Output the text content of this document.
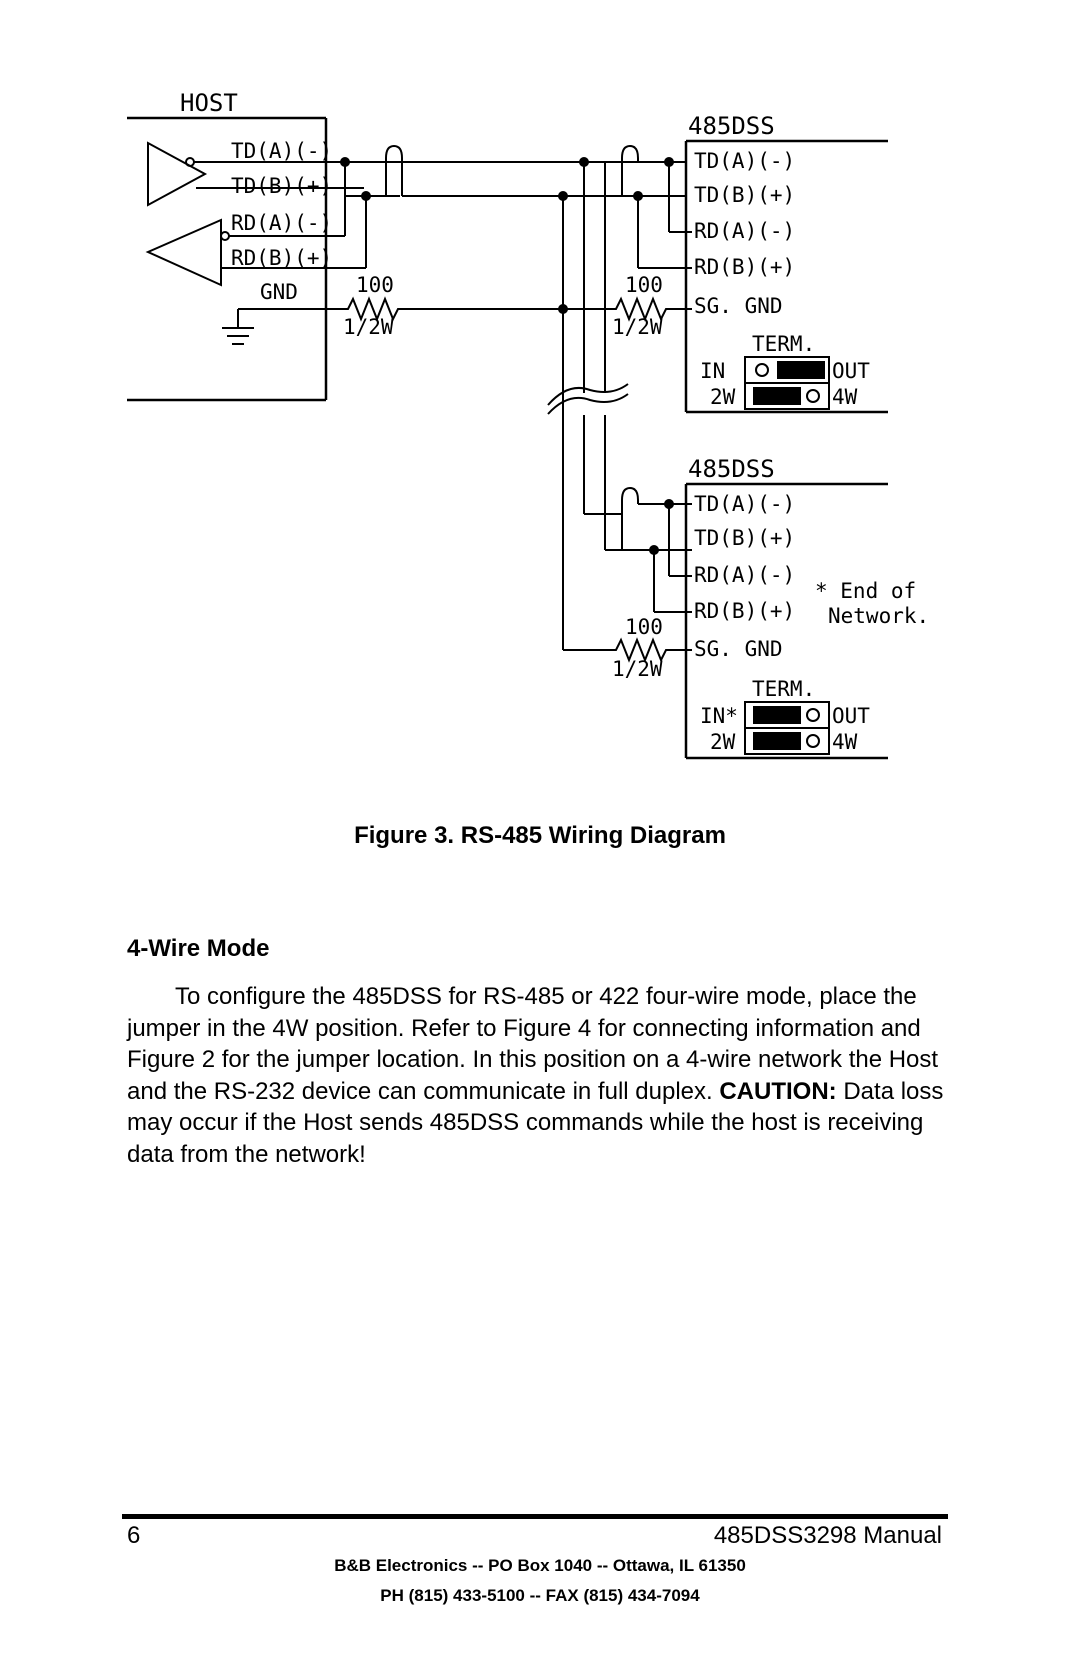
HOST
TD(A)(-)
TD(B)(+)
RD(A)(-)
RD(B)(+)
GND	100
1/2W
100
1/2W
485DSS
TD(A)(-)
TD(B)(+)
RD(A)(-)
RD(B)(+)
SG. GND
TERM.
IN	OUT
2W	4W
100
1/2W
485DSS
TD(A)(-)
TD(B)(+)
RD(A)(-)
RD(B)(+)
SG. GND
* End of
Network.
TERM.
IN*	OUT
2W	4W
Figure 3. RS-485 Wiring Diagram
4-Wire Mode

To configure the 485DSS for RS-485 or 422 four-wire mode, place the jumper in the 4W position. Refer to Figure 4 for connecting information and Figure 2 for the jumper location. In this position on a 4-wire network the Host and the RS-232 device can communicate in full duplex. CAUTION: Data loss may occur if the Host sends 485DSS commands while the host is receiving data from the network!

6	485DSS3298 Manual
B&B Electronics -- PO Box 1040 -- Ottawa, IL 61350
PH (815) 433-5100 -- FAX (815) 434-7094
